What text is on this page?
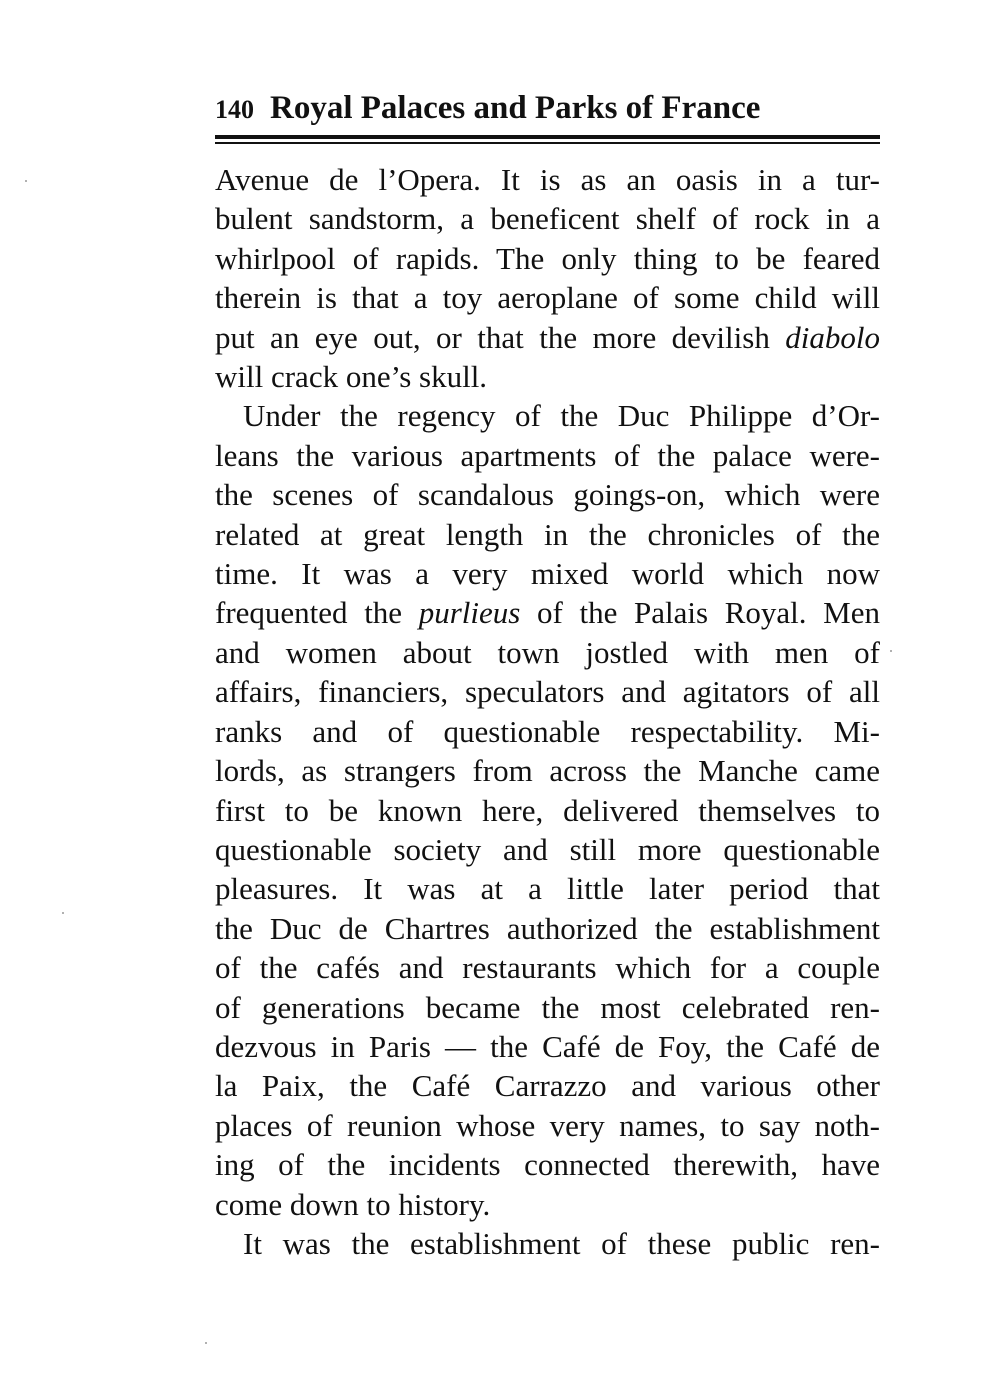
140 Royal Palaces and Parks of France

Avenue de l’Opera. It is as an oasis in a tur-
bulent sandstorm, a beneficent shelf of rock in a
whirlpool of rapids. The only thing to be feared
therein is that a toy aeroplane of some child will
put an eye out, or that the more devilish diabolo
will crack one’s skull.

Under the regency of the Duc Philippe d’Or-
leans the various apartments of the palace were-
the scenes of scandalous goings-on, which were
related at great length in the chronicles of the
time. It was a very mixed world which now
frequented the purlieus of the Palais Royal. Men
and women about town jostled with men of
affairs, financiers, speculators and agitators of all
ranks and of questionable respectability. Mi-
lords, as strangers from across the Manche came
first to be known here, delivered themselves to
questionable society and still more questionable
pleasures. It was at a little later period that
the Duc de Chartres authorized the establishment
of the cafés and restaurants which for a couple
of generations became the most celebrated ren-
dezvous in Paris — the Café de Foy, the Café de
la Paix, the Café Carrazzo and various other
places of reunion whose very names, to say noth-
ing of the incidents connected therewith, have
come down to history.

It was the establishment of these public ren-
